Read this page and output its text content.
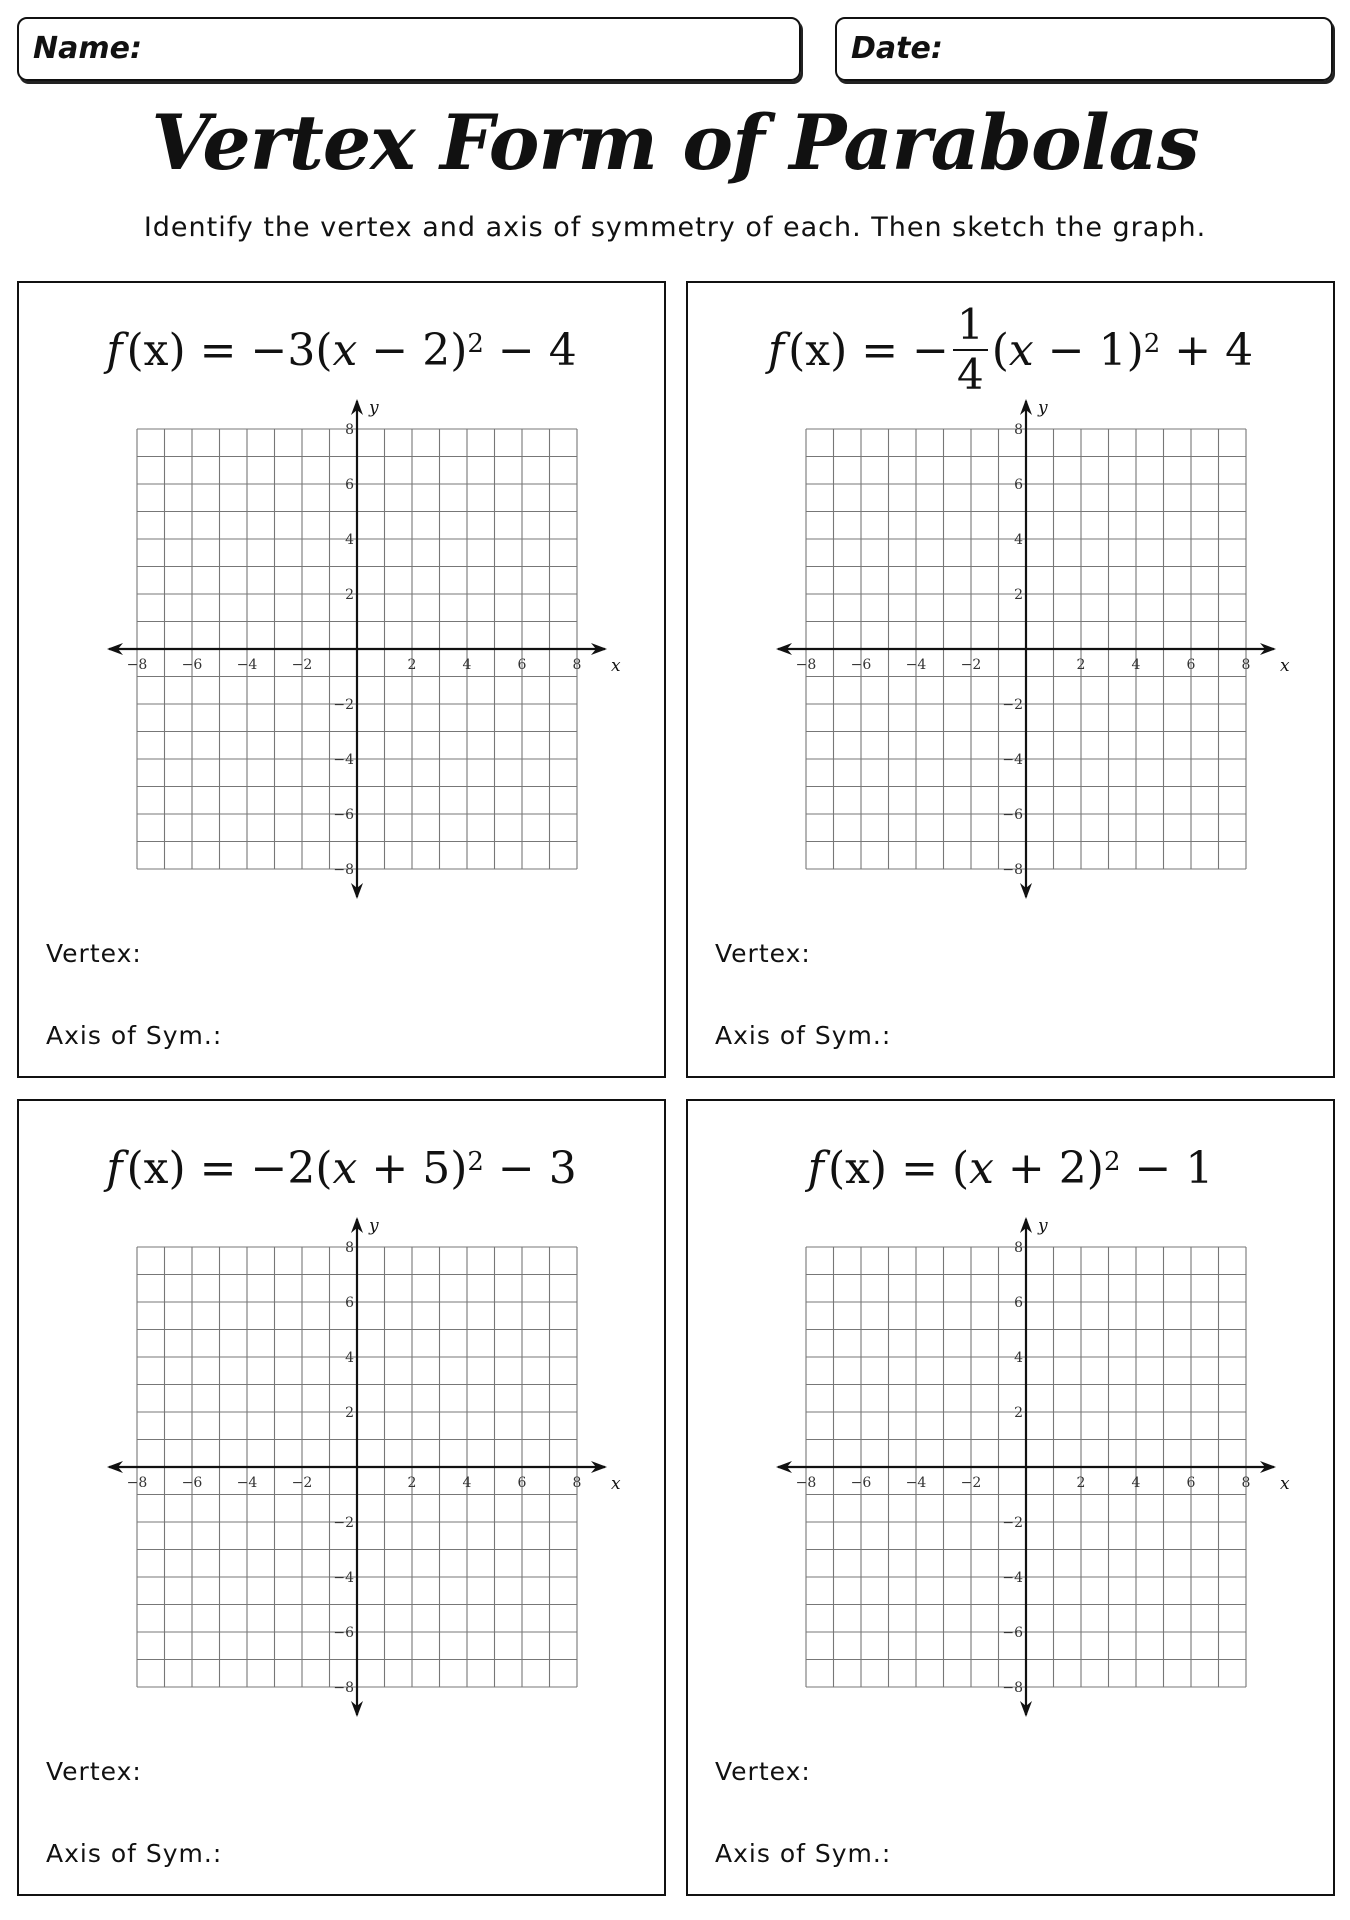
Name:	Date:
Vertex Form of Parabolas
Identify the vertex and axis of symmetry of each. Then sketch the graph.
f (x) = −3 ( x − 2 )$^2$ − 4
x
y
−8
−8
−6
−6
−4
−4
−2
−2
2
2
4
4
6
6
8
8
Vertex:
Axis of Sym.:
f (x) = − $\frac{1}{4}$ ( x − 1 )$^2$ + 4
x
y
−8
−8
−6
−6
−4
−4
−2
−2
2
2
4
4
6
6
8
8
Vertex:
Axis of Sym.:
f (x) = −2 ( x + 5 )$^2$ − 3
x
y
−8
−8
−6
−6
−4
−4
−2
−2
2
2
4
4
6
6
8
8
Vertex:
Axis of Sym.:
f (x) = ( x + 2 )$^2$ − 1
x
y
−8
−8
−6
−6
−4
−4
−2
−2
2
2
4
4
6
6
8
8
Vertex:
Axis of Sym.:
